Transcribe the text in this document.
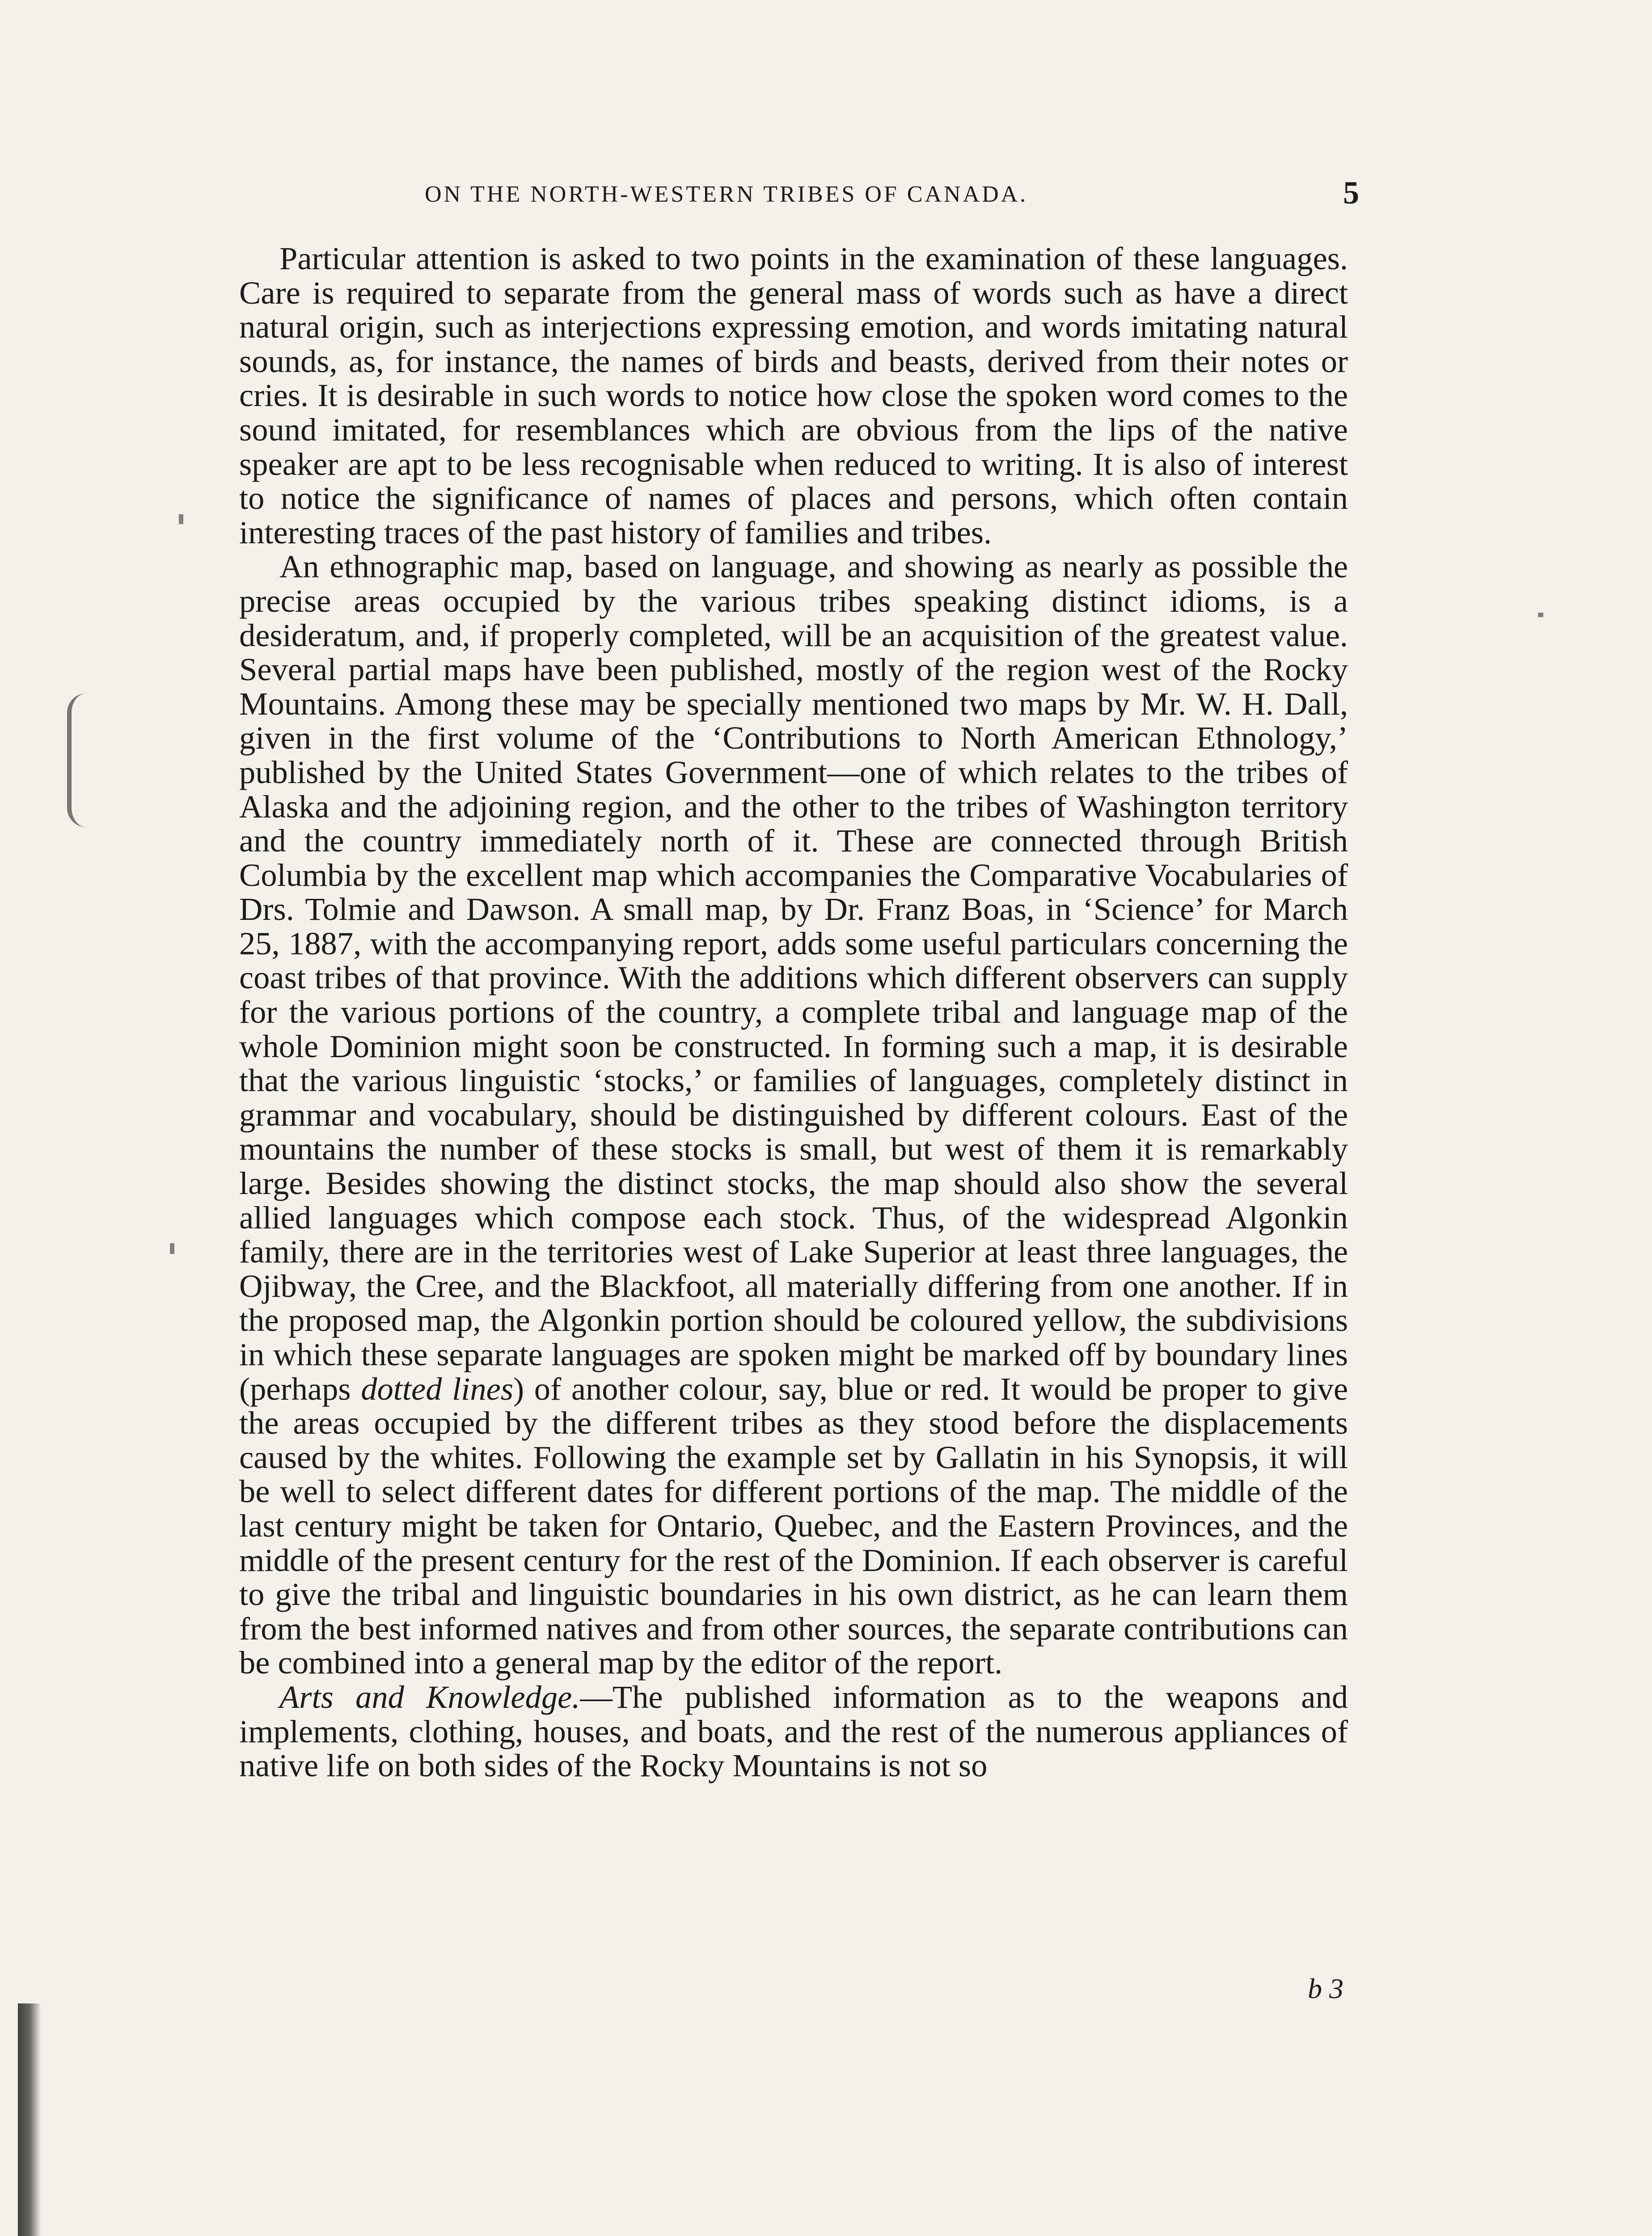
ON THE NORTH-WESTERN TRIBES OF CANADA.	5

Particular attention is asked to two points in the examination of these languages. Care is required to separate from the general mass of words such as have a direct natural origin, such as interjections expressing emotion, and words imitating natural sounds, as, for instance, the names of birds and beasts, derived from their notes or cries. It is desirable in such words to notice how close the spoken word comes to the sound imitated, for resemblances which are obvious from the lips of the native speaker are apt to be less recognisable when reduced to writing. It is also of interest to notice the significance of names of places and persons, which often contain interesting traces of the past history of families and tribes.

An ethnographic map, based on language, and showing as nearly as possible the precise areas occupied by the various tribes speaking distinct idioms, is a desideratum, and, if properly completed, will be an acquisition of the greatest value. Several partial maps have been published, mostly of the region west of the Rocky Mountains. Among these may be specially mentioned two maps by Mr. W. H. Dall, given in the first volume of the ‘Contributions to North American Ethnology,’ published by the United States Government—one of which relates to the tribes of Alaska and the adjoining region, and the other to the tribes of Washington territory and the country immediately north of it. These are connected through British Columbia by the excellent map which accompanies the Comparative Vocabularies of Drs. Tolmie and Dawson. A small map, by Dr. Franz Boas, in ‘Science’ for March 25, 1887, with the accompanying report, adds some useful particulars concerning the coast tribes of that province. With the additions which different observers can supply for the various portions of the country, a complete tribal and language map of the whole Dominion might soon be constructed. In forming such a map, it is desirable that the various linguistic ‘stocks,’ or families of languages, completely distinct in grammar and vocabulary, should be distinguished by different colours. East of the mountains the number of these stocks is small, but west of them it is remarkably large. Besides showing the distinct stocks, the map should also show the several allied languages which compose each stock. Thus, of the widespread Algonkin family, there are in the territories west of Lake Superior at least three languages, the Ojibway, the Cree, and the Blackfoot, all materially differing from one another. If in the proposed map, the Algonkin portion should be coloured yellow, the subdivisions in which these separate languages are spoken might be marked off by boundary lines (perhaps dotted lines) of another colour, say, blue or red. It would be proper to give the areas occupied by the different tribes as they stood before the displacements caused by the whites. Following the example set by Gallatin in his Synopsis, it will be well to select different dates for different portions of the map. The middle of the last century might be taken for Ontario, Quebec, and the Eastern Provinces, and the middle of the present century for the rest of the Dominion. If each observer is careful to give the tribal and linguistic boundaries in his own district, as he can learn them from the best informed natives and from other sources, the separate contributions can be combined into a general map by the editor of the report.

Arts and Knowledge.—The published information as to the weapons and implements, clothing, houses, and boats, and the rest of the numerous appliances of native life on both sides of the Rocky Mountains is not so

b 3
